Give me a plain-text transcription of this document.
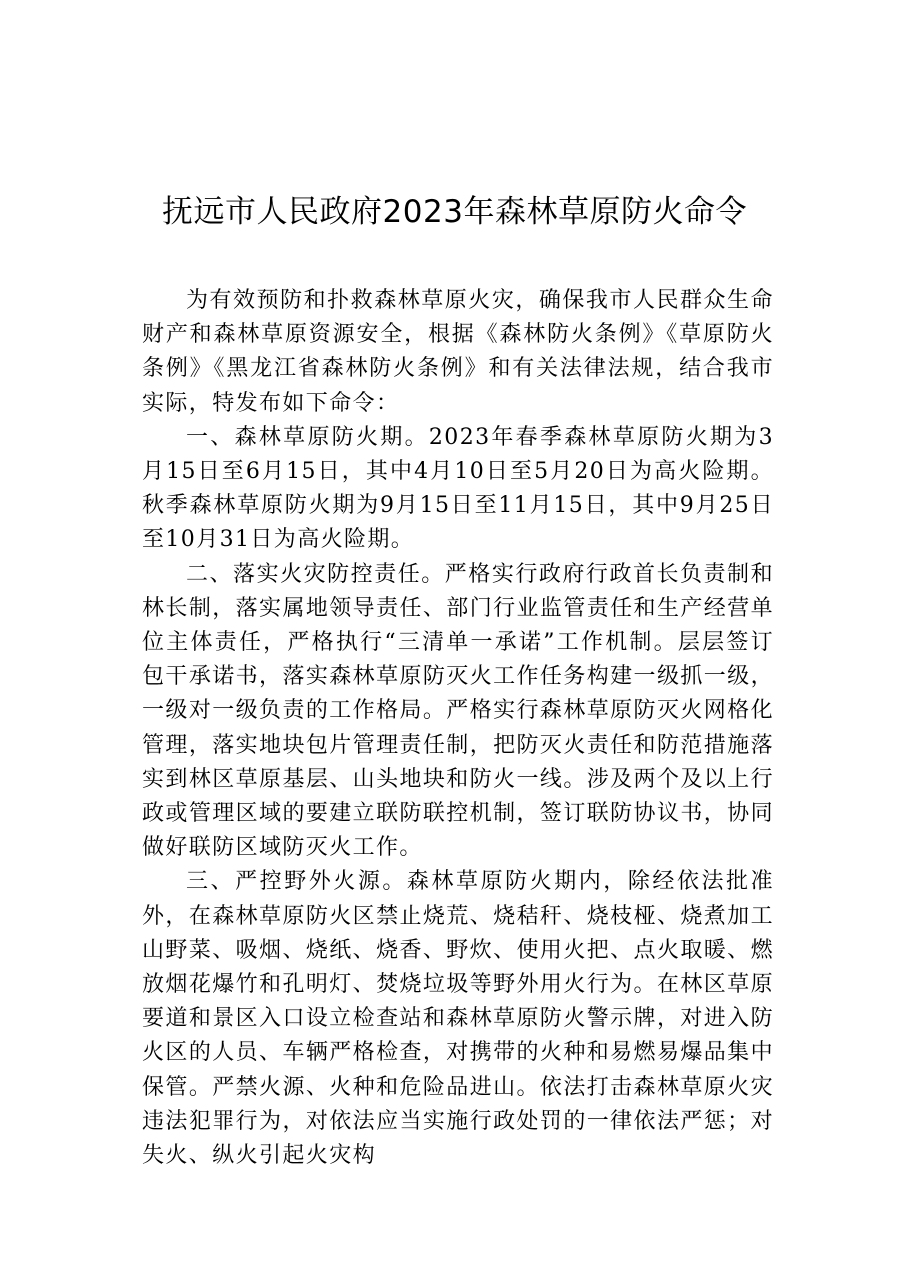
抚远市人民政府2023年森林草原防火命令

为有效预防和扑救森林草原火灾，确保我市人民群众生命财产和森林草原资源安全，根据《森林防火条例》《草原防火条例》《黑龙江省森林防火条例》和有关法律法规，结合我市实际，特发布如下命令：

一、森林草原防火期。2023年春季森林草原防火期为3月15日至6月15日，其中4月10日至5月20日为高火险期。秋季森林草原防火期为9月15日至11月15日，其中9月25日至10月31日为高火险期。

二、落实火灾防控责任。严格实行政府行政首长负责制和林长制，落实属地领导责任、部门行业监管责任和生产经营单位主体责任，严格执行“三清单一承诺”工作机制。层层签订包干承诺书，落实森林草原防灭火工作任务构建一级抓一级，一级对一级负责的工作格局。严格实行森林草原防灭火网格化管理，落实地块包片管理责任制，把防灭火责任和防范措施落实到林区草原基层、山头地块和防火一线。涉及两个及以上行政或管理区域的要建立联防联控机制，签订联防协议书，协同做好联防区域防灭火工作。

三、严控野外火源。森林草原防火期内，除经依法批准外，在森林草原防火区禁止烧荒、烧秸秆、烧枝桠、烧煮加工山野菜、吸烟、烧纸、烧香、野炊、使用火把、点火取暖、燃放烟花爆竹和孔明灯、焚烧垃圾等野外用火行为。在林区草原要道和景区入口设立检查站和森林草原防火警示牌，对进入防火区的人员、车辆严格检查，对携带的火种和易燃易爆品集中保管。严禁火源、火种和危险品进山。依法打击森林草原火灾违法犯罪行为，对依法应当实施行政处罚的一律依法严惩；对失火、纵火引起火灾构
